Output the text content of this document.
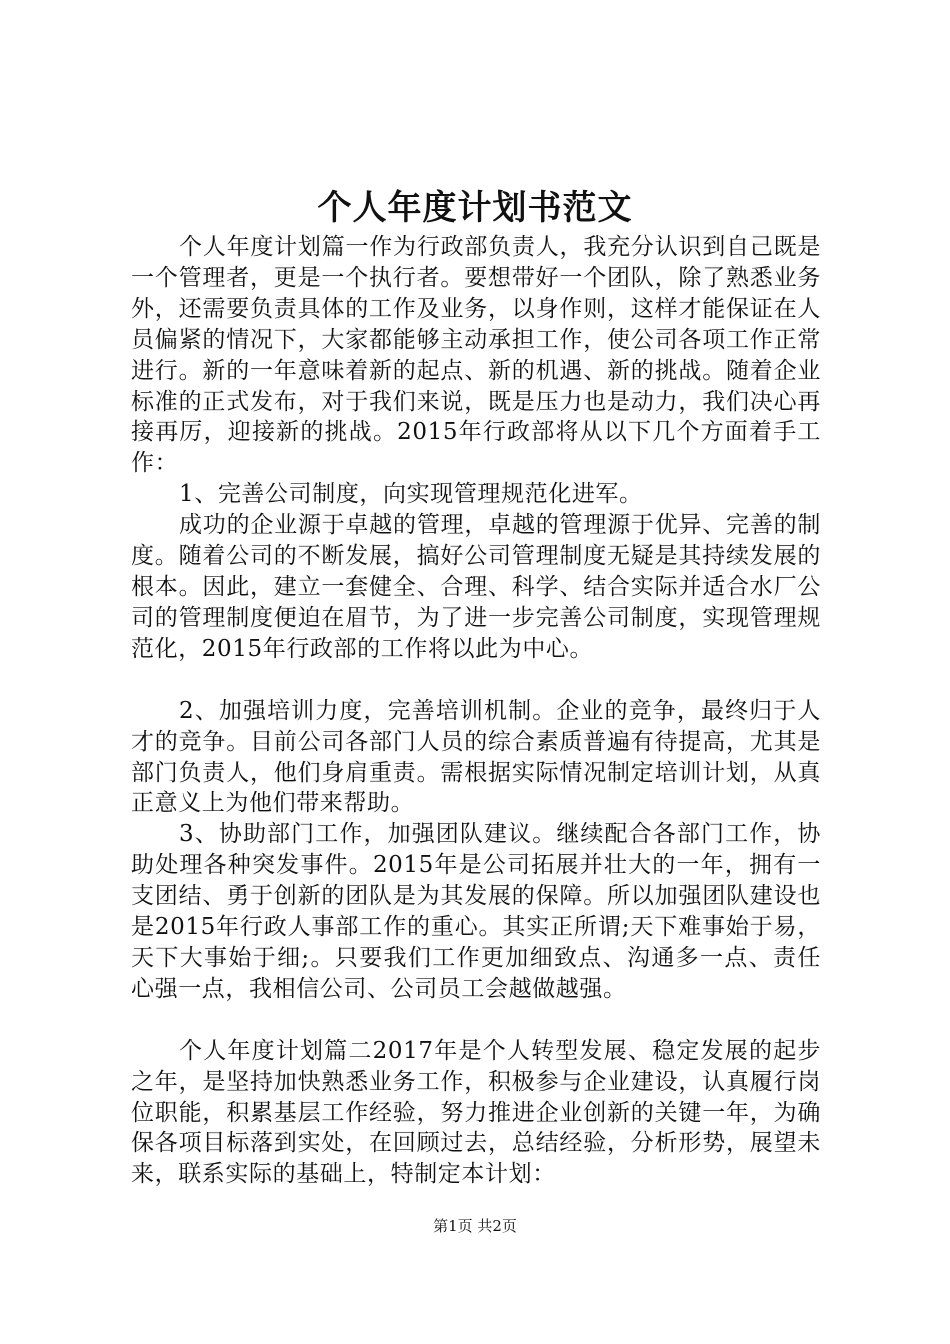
个人年度计划书范文

个人年度计划篇一作为行政部负责人，我充分认识到自己既是一个管理者，更是一个执行者。要想带好一个团队，除了熟悉业务外，还需要负责具体的工作及业务，以身作则，这样才能保证在人员偏紧的情况下，大家都能够主动承担工作，使公司各项工作正常进行。新的一年意味着新的起点、新的机遇、新的挑战。随着企业标准的正式发布，对于我们来说，既是压力也是动力，我们决心再接再厉，迎接新的挑战。2015年行政部将从以下几个方面着手工作：

1、完善公司制度，向实现管理规范化进军。

成功的企业源于卓越的管理，卓越的管理源于优异、完善的制度。随着公司的不断发展，搞好公司管理制度无疑是其持续发展的根本。因此，建立一套健全、合理、科学、结合实际并适合水厂公司的管理制度便迫在眉节，为了进一步完善公司制度，实现管理规范化，2015年行政部的工作将以此为中心。

2、加强培训力度，完善培训机制。企业的竞争，最终归于人才的竞争。目前公司各部门人员的综合素质普遍有待提高，尤其是部门负责人，他们身肩重责。需根据实际情况制定培训计划，从真正意义上为他们带来帮助。

3、协助部门工作，加强团队建议。继续配合各部门工作，协助处理各种突发事件。2015年是公司拓展并壮大的一年，拥有一支团结、勇于创新的团队是为其发展的保障。所以加强团队建设也是2015年行政人事部工作的重心。其实正所谓;天下难事始于易，天下大事始于细;。只要我们工作更加细致点、沟通多一点、责任心强一点，我相信公司、公司员工会越做越强。

个人年度计划篇二2017年是个人转型发展、稳定发展的起步之年，是坚持加快熟悉业务工作，积极参与企业建设，认真履行岗位职能，积累基层工作经验，努力推进企业创新的关键一年，为确保各项目标落到实处，在回顾过去，总结经验，分析形势，展望未来，联系实际的基础上，特制定本计划：

第1页 共2页
